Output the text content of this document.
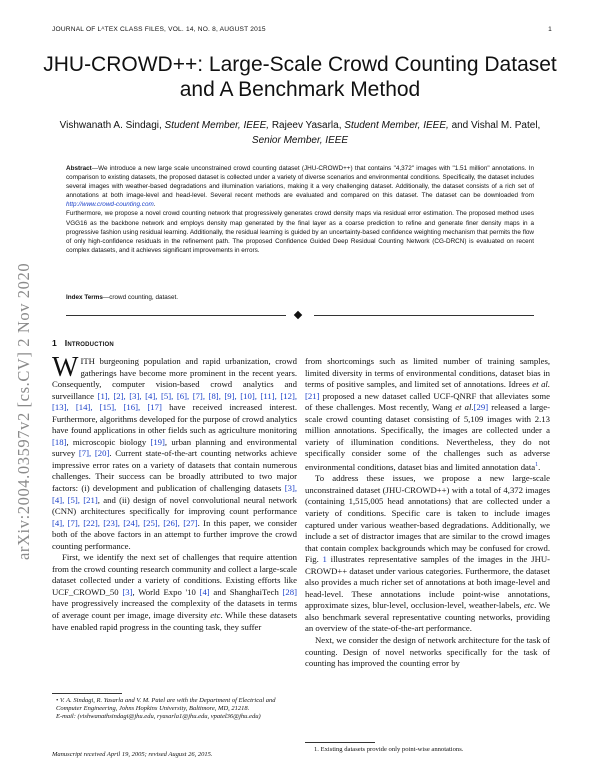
JOURNAL OF LᴬTEX CLASS FILES, VOL. 14, NO. 8, AUGUST 2015	1
JHU-CROWD++: Large-Scale Crowd Counting Dataset and A Benchmark Method
Vishwanath A. Sindagi, Student Member, IEEE, Rajeev Yasarla, Student Member, IEEE, and Vishal M. Patel, Senior Member, IEEE

Abstract—We introduce a new large scale unconstrained crowd counting dataset (JHU-CROWD++) that contains "4,372" images with "1.51 million" annotations. In comparison to existing datasets, the proposed dataset is collected under a variety of diverse scenarios and environmental conditions. Specifically, the dataset includes several images with weather-based degradations and illumination variations, making it a very challenging dataset. Additionally, the dataset consists of a rich set of annotations at both image-level and head-level. Several recent methods are evaluated and compared on this dataset. The dataset can be downloaded from http://www.crowd-counting.com.

Furthermore, we propose a novel crowd counting network that progressively generates crowd density maps via residual error estimation. The proposed method uses VGG16 as the backbone network and employs density map generated by the final layer as a coarse prediction to refine and generate finer density maps in a progressive fashion using residual learning. Additionally, the residual learning is guided by an uncertainty-based confidence weighting mechanism that permits the flow of only high-confidence residuals in the refinement path. The proposed Confidence Guided Deep Residual Counting Network (CG-DRCN) is evaluated on recent complex datasets, and it achieves significant improvements in errors.

Index Terms—crowd counting, dataset.
arXiv:2004.03597v2 [cs.CV] 2 Nov 2020 1 Introduction

WITH burgeoning population and rapid urbanization, crowd gatherings have become more prominent in the recent years. Consequently, computer vision-based crowd analytics and surveillance [1], [2], [3], [4], [5], [6], [7], [8], [9], [10], [11], [12], [13], [14], [15], [16], [17] have received increased interest. Furthermore, algorithms developed for the purpose of crowd analytics have found applications in other fields such as agriculture monitoring [18], microscopic biology [19], urban planning and environmental survey [7], [20]. Current state-of-the-art counting networks achieve impressive error rates on a variety of datasets that contain numerous challenges. Their success can be broadly attributed to two major factors: (i) development and publication of challenging datasets [3], [4], [5], [21], and (ii) design of novel convolutional neural network (CNN) architectures specifically for improving count performance [4], [7], [22], [23], [24], [25], [26], [27]. In this paper, we consider both of the above factors in an attempt to further improve the crowd counting performance.

First, we identify the next set of challenges that require attention from the crowd counting research community and collect a large-scale dataset collected under a variety of conditions. Existing efforts like UCF_CROWD_50 [3], World Expo '10 [4] and ShanghaiTech [28] have progressively increased the complexity of the datasets in terms of average count per image, image diversity etc. While these datasets have enabled rapid progress in the counting task, they suffer

• V. A. Sindagi, R. Yasarla and V. M. Patel are with the Department of Electrical and Computer Engineering, Johns Hopkins University, Baltimore, MD, 21218.
E-mail: (vishwanathsindagi@jhu.edu, ryasarla1@jhu.edu, vpatel36@jhu.edu)
Manuscript received April 19, 2005; revised August 26, 2015.

from shortcomings such as limited number of training samples, limited diversity in terms of environmental conditions, dataset bias in terms of positive samples, and limited set of annotations. Idrees et al.[21] proposed a new dataset called UCF-QNRF that alleviates some of these challenges. Most recently, Wang et al.[29] released a large-scale crowd counting dataset consisting of 5,109 images with 2.13 million annotations. Specifically, the images are collected under a variety of illumination conditions. Nevertheless, they do not specifically consider some of the challenges such as adverse environmental conditions, dataset bias and limited annotation data$^1$.

To address these issues, we propose a new large-scale unconstrained dataset (JHU-CROWD++) with a total of 4,372 images (containing 1,515,005 head annotations) that are collected under a variety of conditions. Specific care is taken to include images captured under various weather-based degradations. Additionally, we include a set of distractor images that are similar to the crowd images that contain complex backgrounds which may be confused for crowd. Fig. 1 illustrates representative samples of the images in the JHU-CROWD++ dataset under various categories. Furthermore, the dataset also provides a much richer set of annotations at both image-level and head-level. These annotations include point-wise annotations, approximate sizes, blur-level, occlusion-level, weather-labels, etc. We also benchmark several representative counting networks, providing an overview of the state-of-the-art performance.

Next, we consider the design of network architecture for the task of counting. Design of novel networks specifically for the task of counting has improved the counting error by

1. Existing datasets provide only point-wise annotations.
